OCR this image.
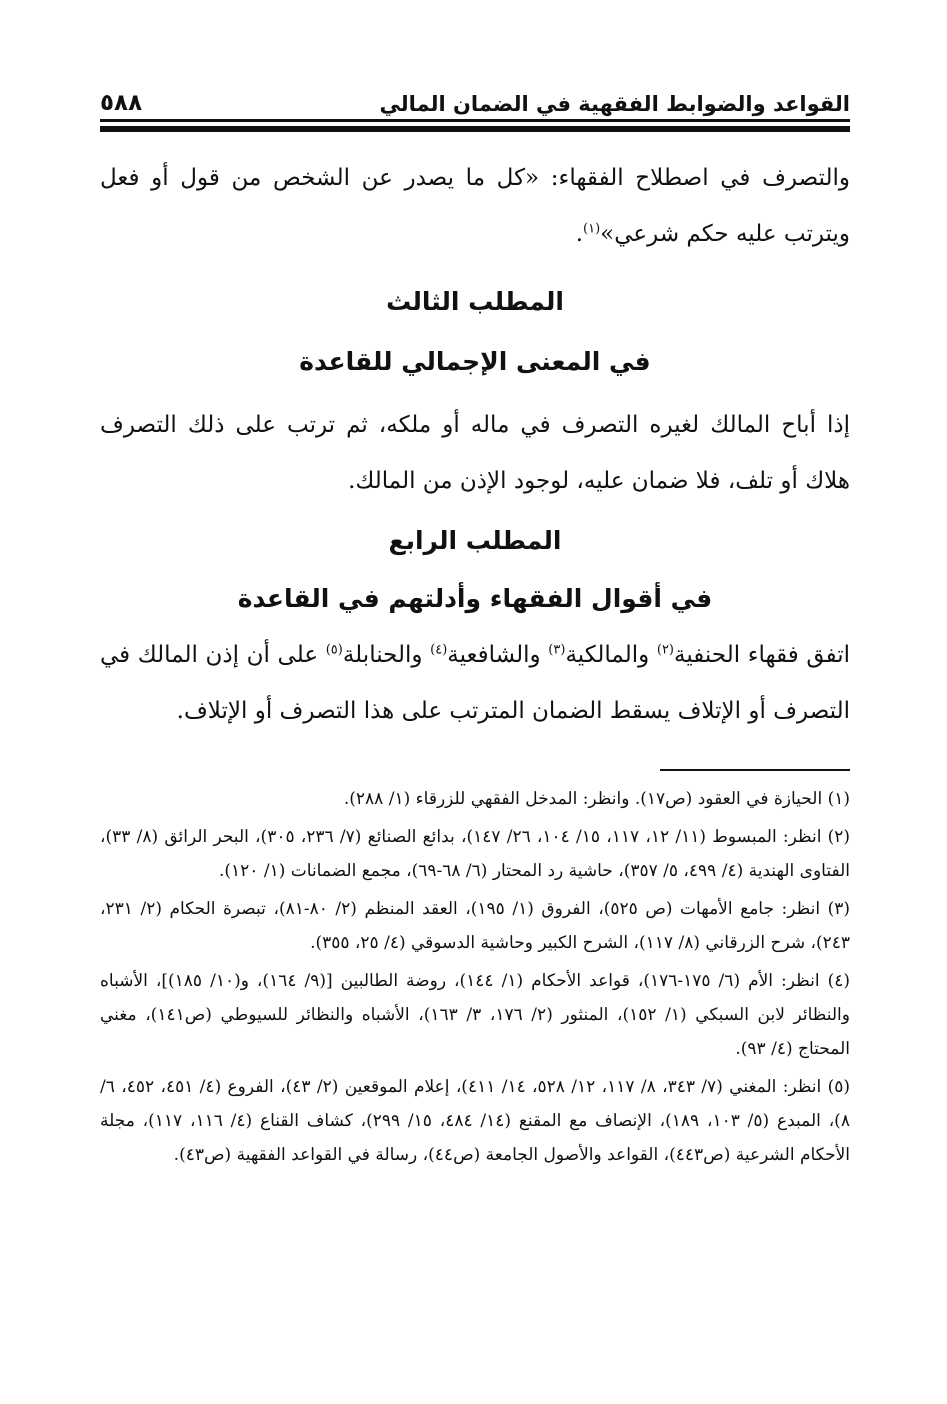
القواعد والضوابط الفقهية في الضمان المالي
٥٨٨
والتصرف في اصطلاح الفقهاء: «كل ما يصدر عن الشخص من قول أو فعل ويترتب عليه حكم شرعي»$^{(١)}$.
المطلب الثالث
في المعنى الإجمالي للقاعدة
إذا أباح المالك لغيره التصرف في ماله أو ملكه، ثم ترتب على ذلك التصرف هلاك أو تلف، فلا ضمان عليه، لوجود الإذن من المالك.
المطلب الرابع
في أقوال الفقهاء وأدلتهم في القاعدة
اتفق فقهاء الحنفية$^{(٢)}$ والمالكية$^{(٣)}$ والشافعية$^{(٤)}$ والحنابلة$^{(٥)}$ على أن إذن المالك في التصرف أو الإتلاف يسقط الضمان المترتب على هذا التصرف أو الإتلاف.

(١) الحيازة في العقود (ص١٧). وانظر: المدخل الفقهي للزرقاء (١/ ٢٨٨).

(٢) انظر: المبسوط (١١/ ١٢، ١١٧، ١٥/ ١٠٤، ٢٦/ ١٤٧)، بدائع الصنائع (٧/ ٢٣٦، ٣٠٥)، البحر الرائق (٨/ ٣٣)، الفتاوى الهندية (٤/ ٤٩٩، ٥/ ٣٥٧)، حاشية رد المحتار (٦/ ٦٨-٦٩)، مجمع الضمانات (١/ ١٢٠).

(٣) انظر: جامع الأمهات (ص ٥٢٥)، الفروق (١/ ١٩٥)، العقد المنظم (٢/ ٨٠-٨١)، تبصرة الحكام (٢/ ٢٣١، ٢٤٣)، شرح الزرقاني (٨/ ١١٧)، الشرح الكبير وحاشية الدسوقي (٤/ ٢٥، ٣٥٥).

(٤) انظر: الأم (٦/ ١٧٥-١٧٦)، قواعد الأحكام (١/ ١٤٤)، روضة الطالبين [(٩/ ١٦٤)، و(١٠/ ١٨٥)]، الأشباه والنظائر لابن السبكي (١/ ١٥٢)، المنثور (٢/ ١٧٦، ٣/ ١٦٣)، الأشباه والنظائر للسيوطي (ص١٤١)، مغني المحتاج (٤/ ٩٣).

(٥) انظر: المغني (٧/ ٣٤٣، ٨/ ١١٧، ١٢/ ٥٢٨، ١٤/ ٤١١)، إعلام الموقعين (٢/ ٤٣)، الفروع (٤/ ٤٥١، ٤٥٢، ٦/ ٨)، المبدع (٥/ ١٠٣، ١٨٩)، الإنصاف مع المقنع (١٤/ ٤٨٤، ١٥/ ٢٩٩)، كشاف القناع (٤/ ١١٦، ١١٧)، مجلة الأحكام الشرعية (ص٤٤٣)، القواعد والأصول الجامعة (ص٤٤)، رسالة في القواعد الفقهية (ص٤٣).
